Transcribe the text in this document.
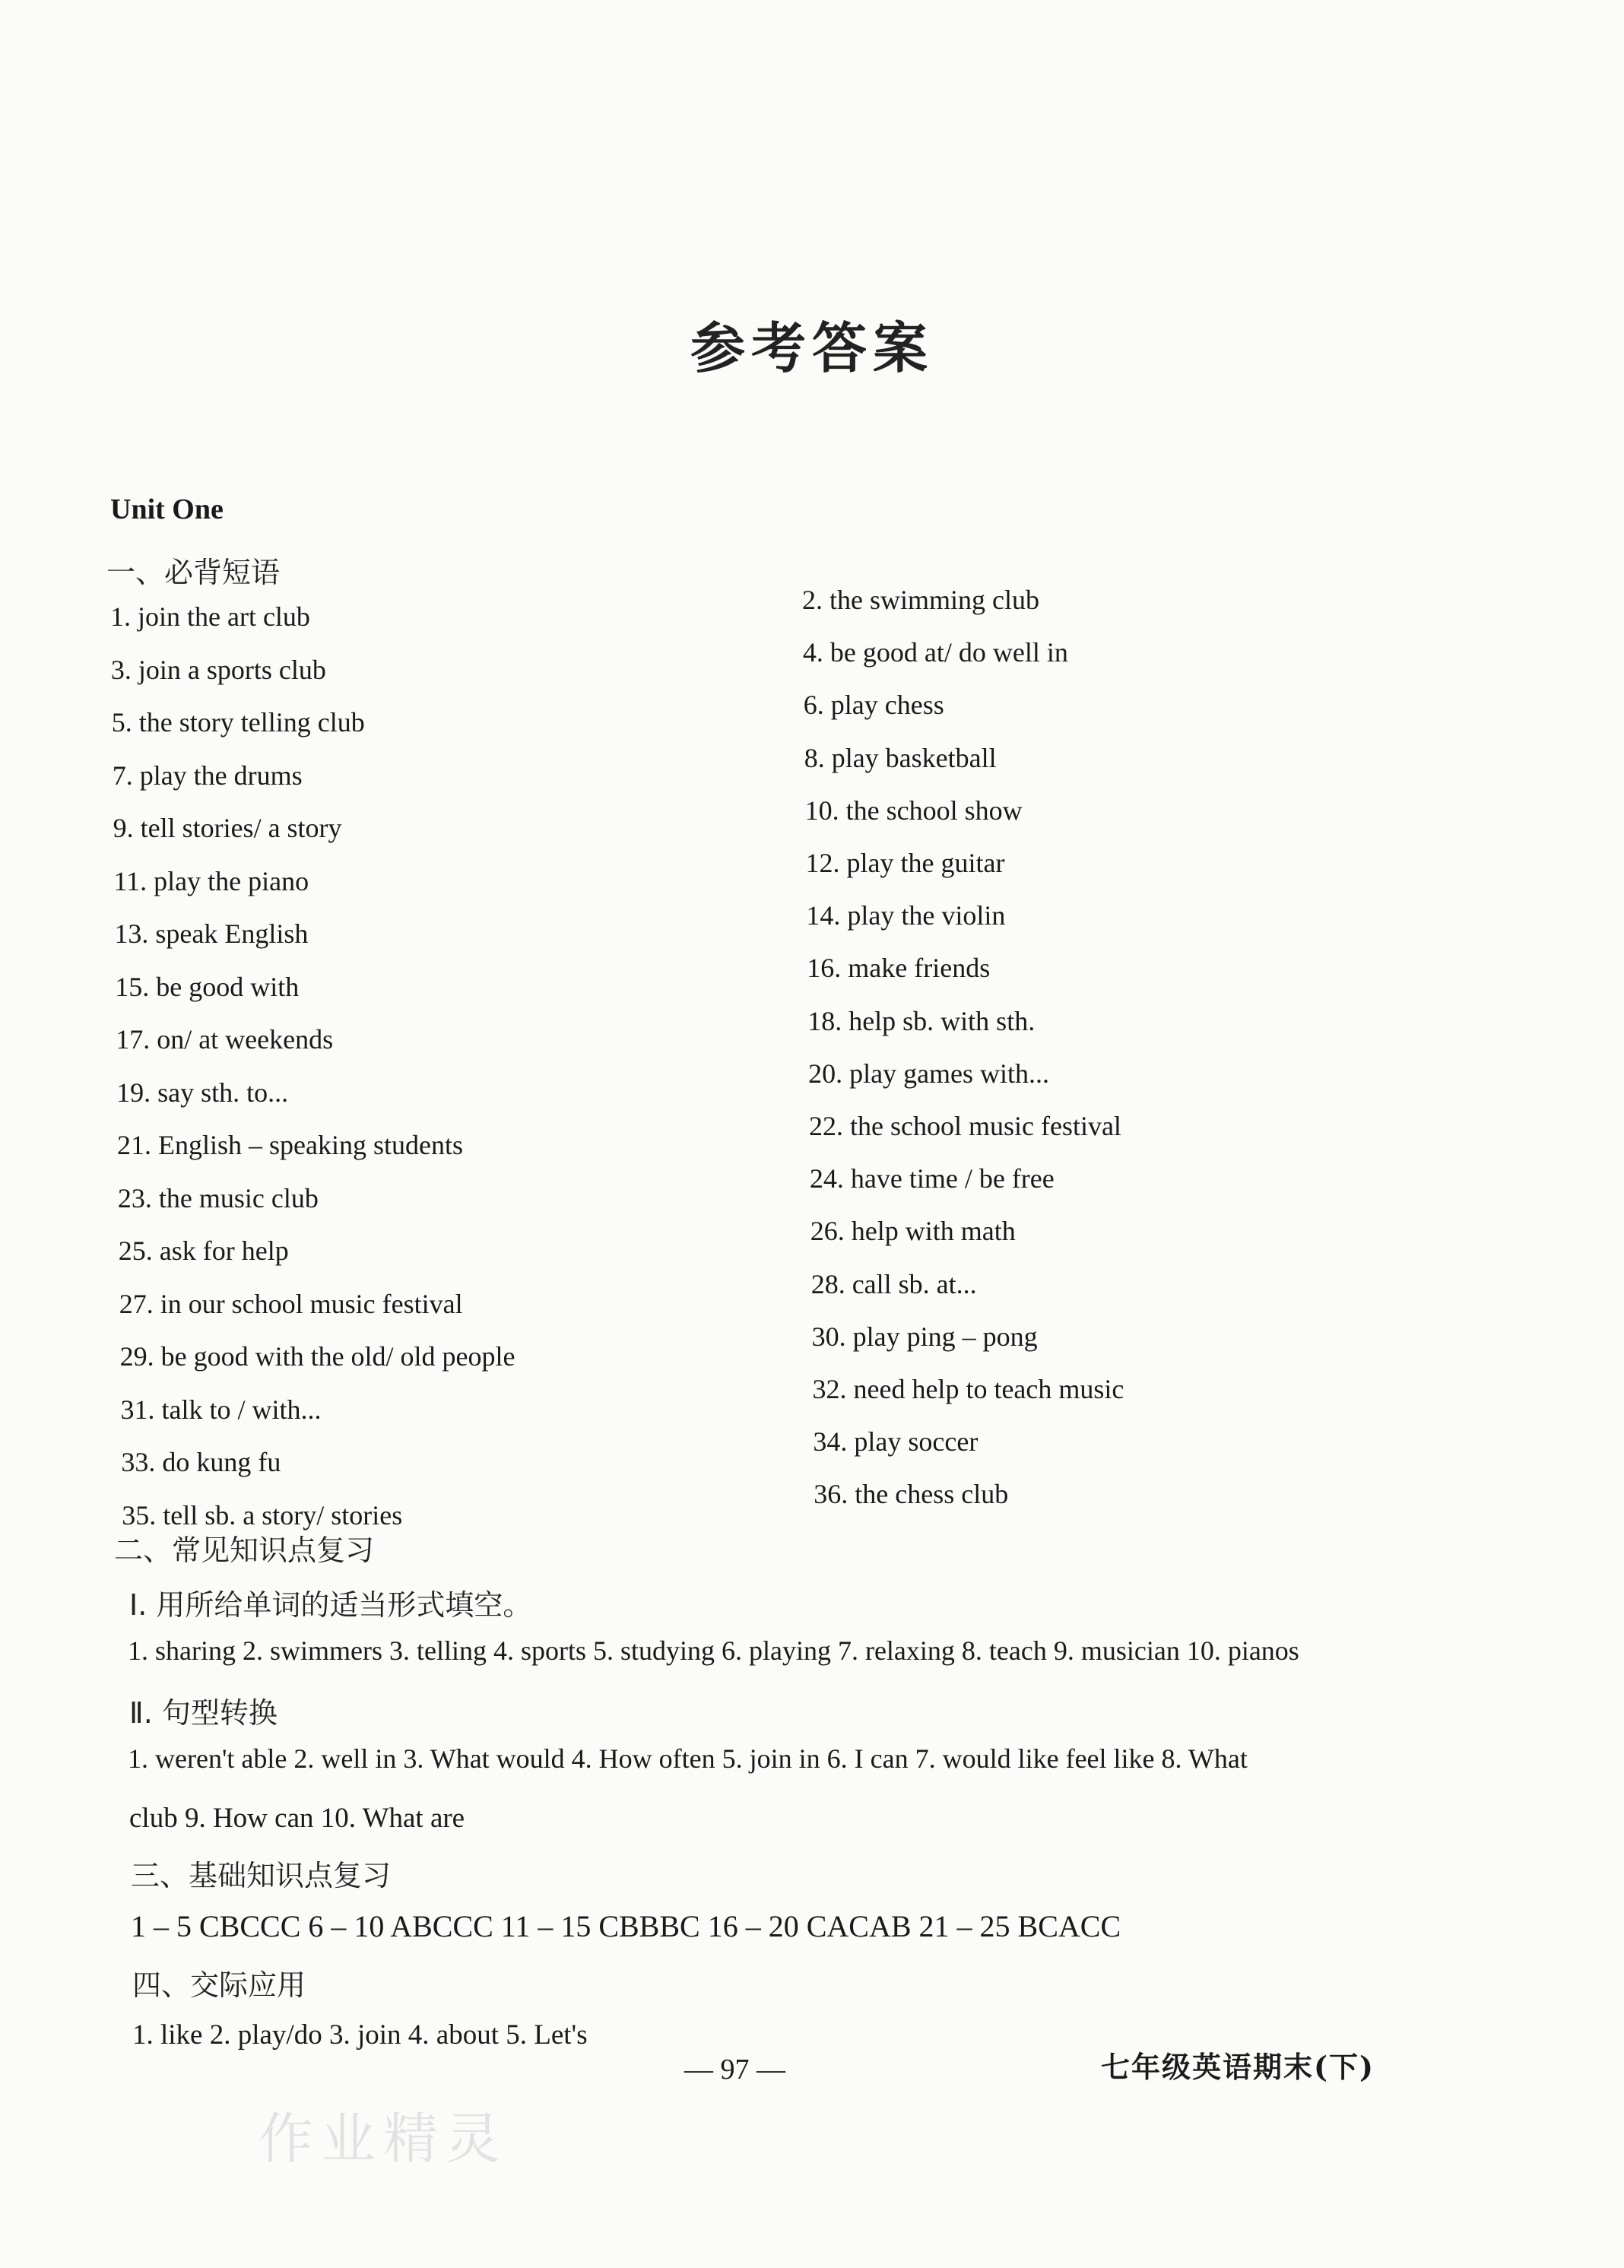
参考答案
Unit One
一、必背短语
1. join the art club
3. join a sports club
5. the story telling club
7. play the drums
9. tell stories/ a story
11. play the piano
13. speak English
15. be good with
17. on/ at weekends
19. say sth. to...
21. English – speaking students
23. the music club
25. ask for help
27. in our school music festival
29. be good with the old/ old people
31. talk to / with...
33. do kung fu
35. tell sb. a story/ stories
2. the swimming club
4. be good at/ do well in
6. play chess
8. play basketball
10. the school show
12. play the guitar
14. play the violin
16. make friends
18. help sb. with sth.
20. play games with...
22. the school music festival
24. have time / be free
26. help with math
28. call sb. at...
30. play ping – pong
32. need help to teach music
34. play soccer
36. the chess club
二、常见知识点复习
Ⅰ. 用所给单词的适当形式填空。
1. sharing 2. swimmers 3. telling 4. sports 5. studying 6. playing 7. relaxing 8. teach 9. musician 10. pianos
Ⅱ. 句型转换
1. weren't able 2. well in 3. What would 4. How often 5. join in 6. I can 7. would like feel like 8. What
club 9. How can 10. What are
三、基础知识点复习
1 – 5 CBCCC 6 – 10 ABCCC 11 – 15 CBBBC 16 – 20 CACAB 21 – 25 BCACC
四、交际应用
1. like 2. play/do 3. join 4. about 5. Let's
作业精灵
— 97 —	七年级英语期末(下)
